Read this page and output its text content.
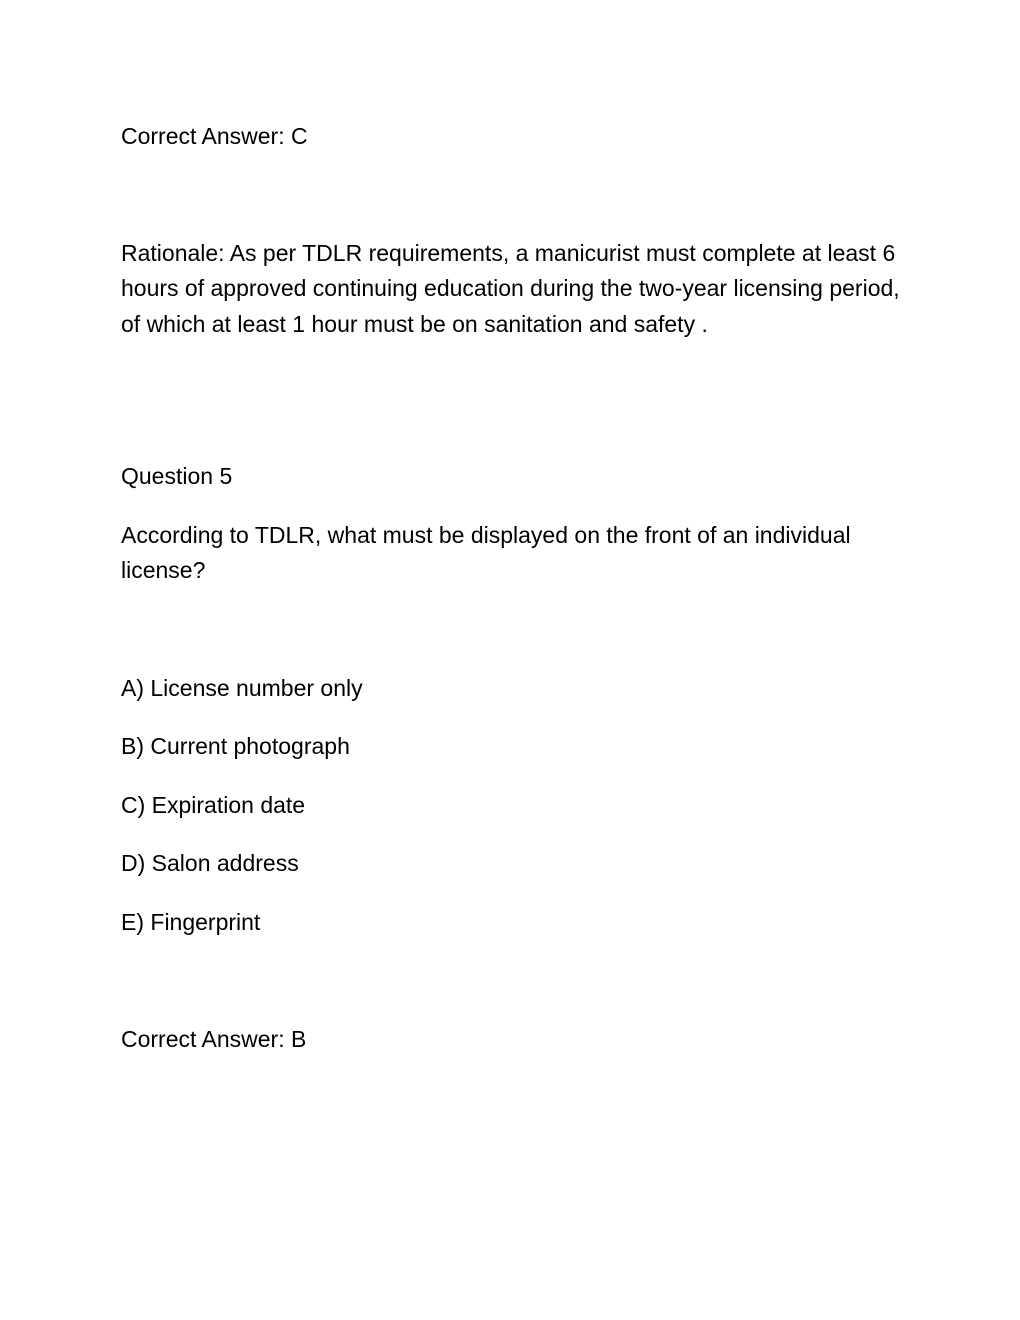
Correct Answer: C

Rationale: As per TDLR requirements, a manicurist must complete at least 6 hours of approved continuing education during the two-year licensing period, of which at least 1 hour must be on sanitation and safety .

Question 5

According to TDLR, what must be displayed on the front of an individual license?

A) License number only

B) Current photograph

C) Expiration date

D) Salon address

E) Fingerprint

Correct Answer: B
